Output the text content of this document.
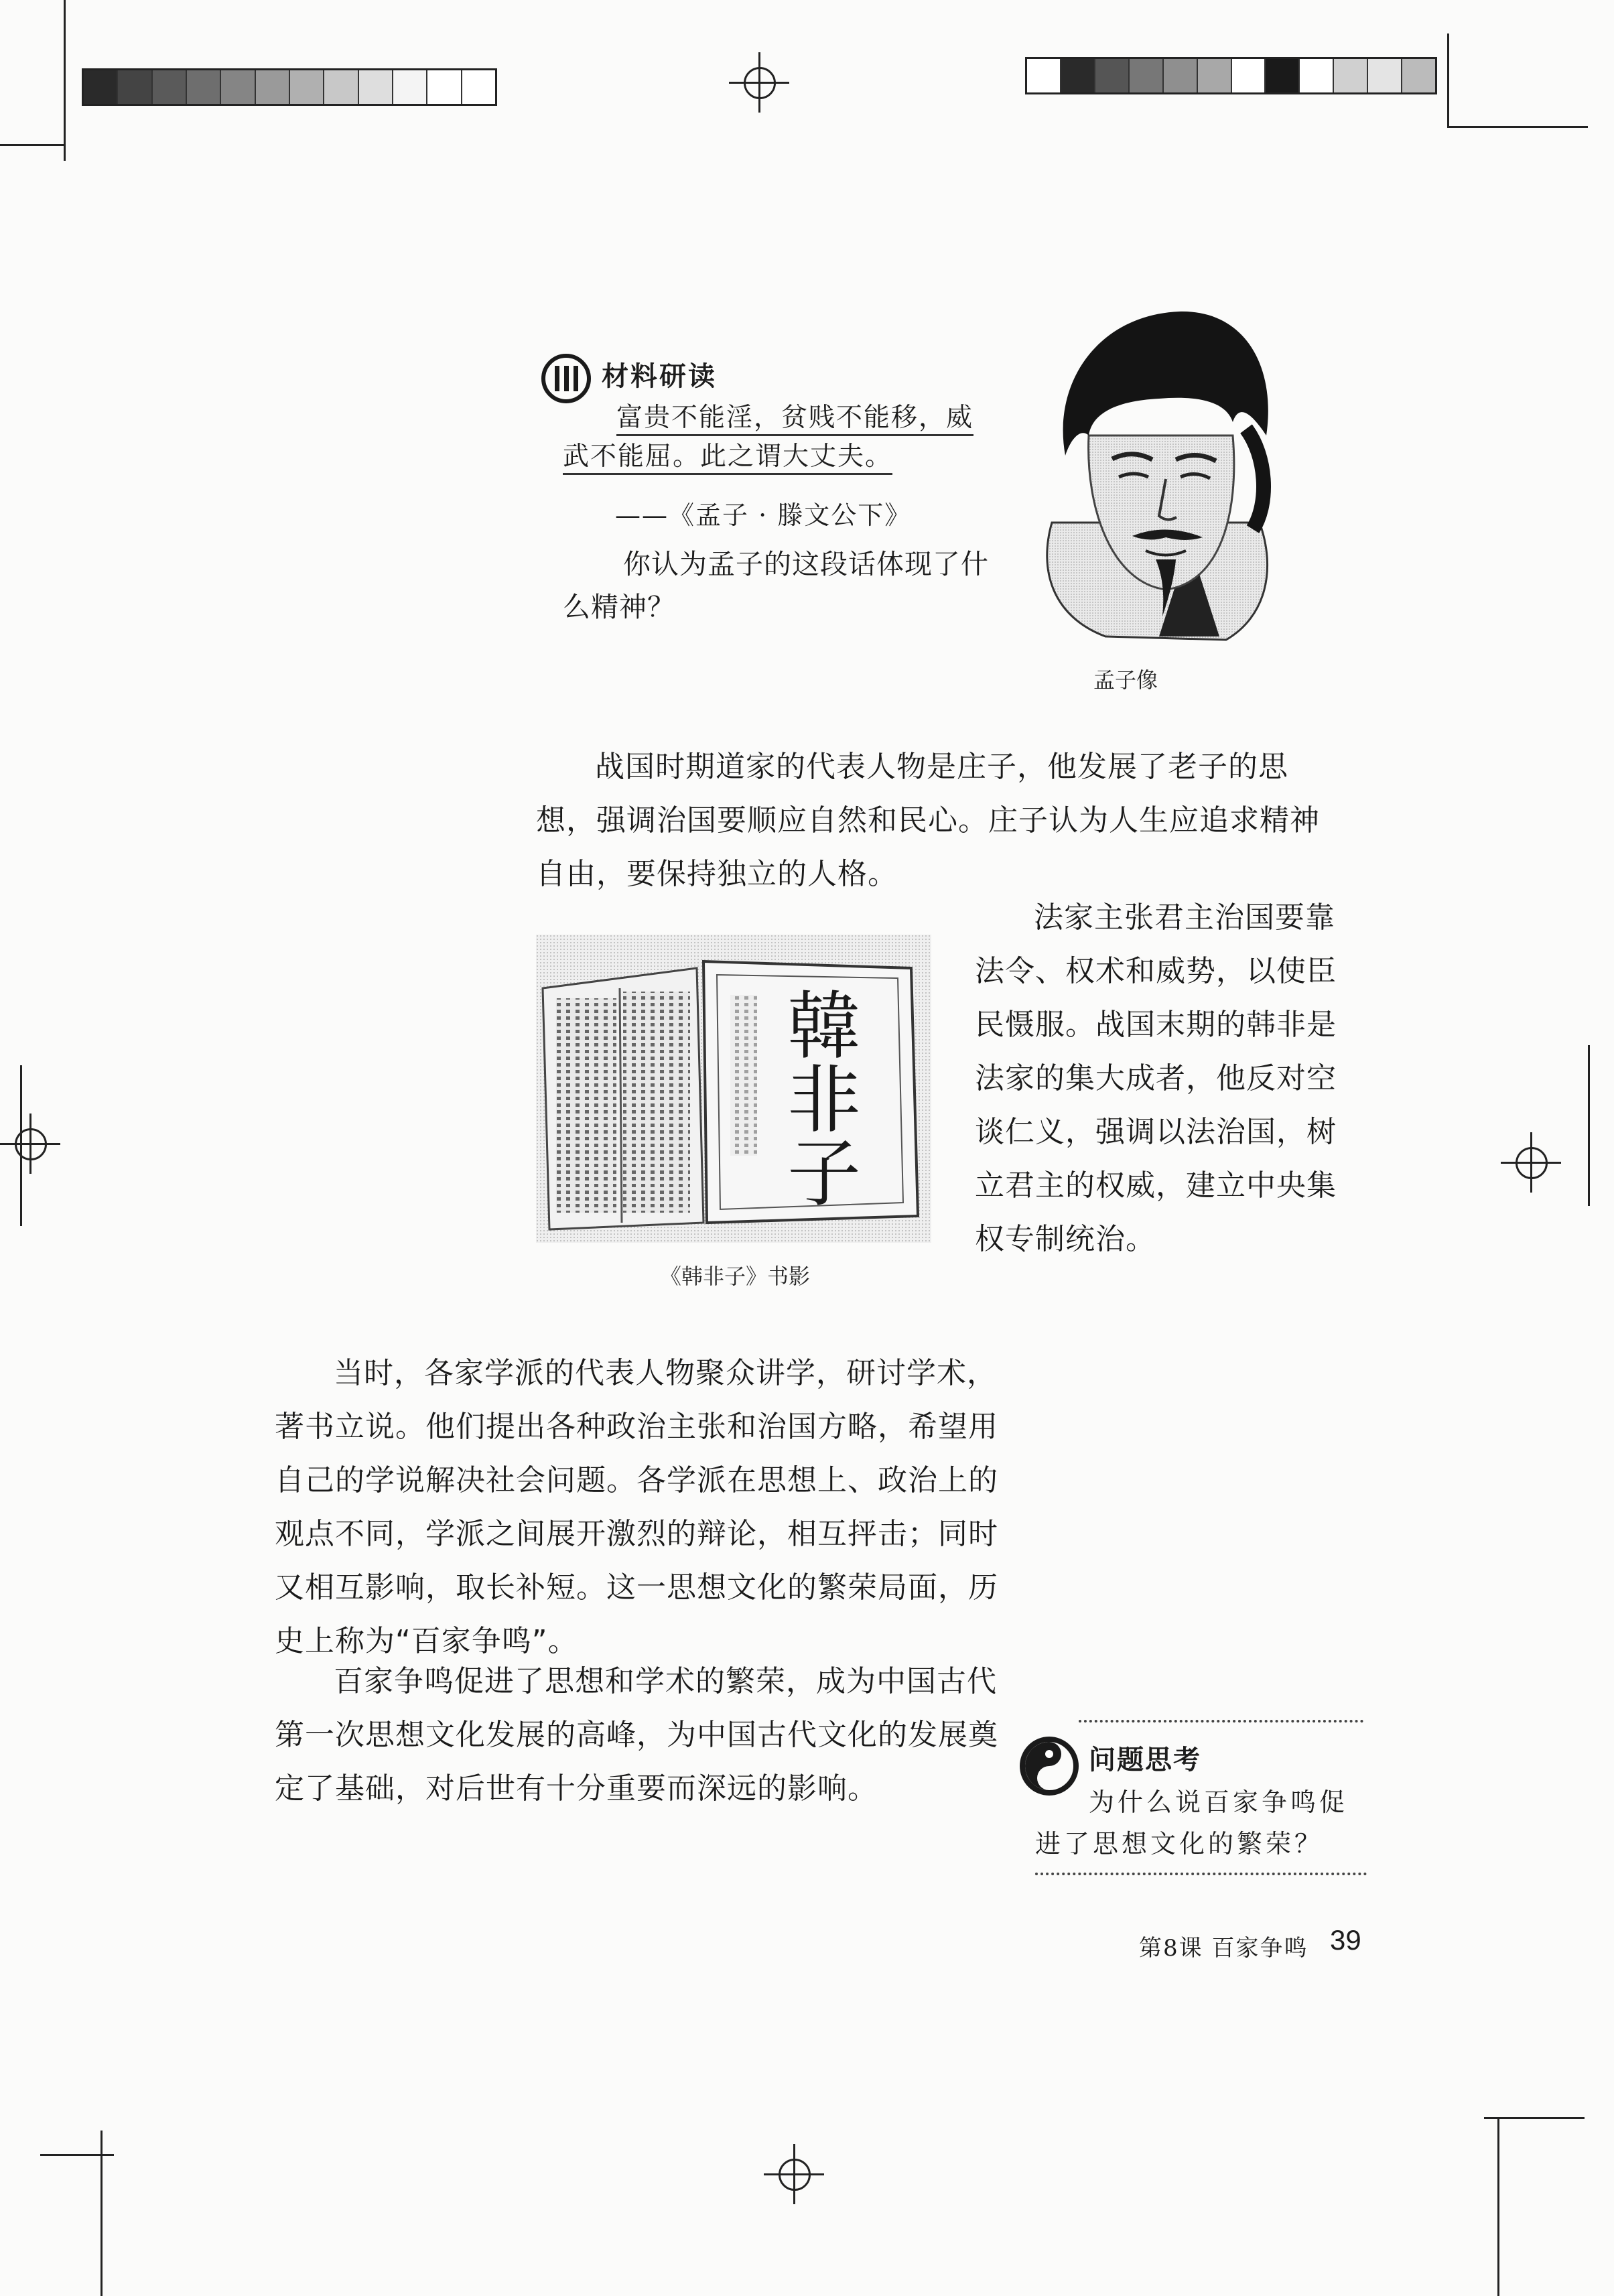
材料研读
富贵不能淫，贫贱不能移，威
武不能屈。此之谓大丈夫。
——《孟子 · 滕文公下》
你认为孟子的这段话体现了什么精神？
孟子像

战国时期道家的代表人物是庄子，他发展了老子的思想，强调治国要顺应自然和民心。庄子认为人生应追求精神自由，要保持独立的人格。

法家主张君主治国要靠法令、权术和威势，以使臣民慑服。战国末期的韩非是法家的集大成者，他反对空谈仁义，强调以法治国，树立君主的权威，建立中央集权专制统治。

韓
非
子
《韩非子》书影

当时，各家学派的代表人物聚众讲学，研讨学术，著书立说。他们提出各种政治主张和治国方略，希望用自己的学说解决社会问题。各学派在思想上、政治上的观点不同，学派之间展开激烈的辩论，相互抨击；同时又相互影响，取长补短。这一思想文化的繁荣局面，历史上称为“百家争鸣”。

百家争鸣促进了思想和学术的繁荣，成为中国古代第一次思想文化发展的高峰，为中国古代文化的发展奠定了基础，对后世有十分重要而深远的影响。

问题思考
为什么说百家争鸣促
进了思想文化的繁荣？
第8课 百家争鸣 39
